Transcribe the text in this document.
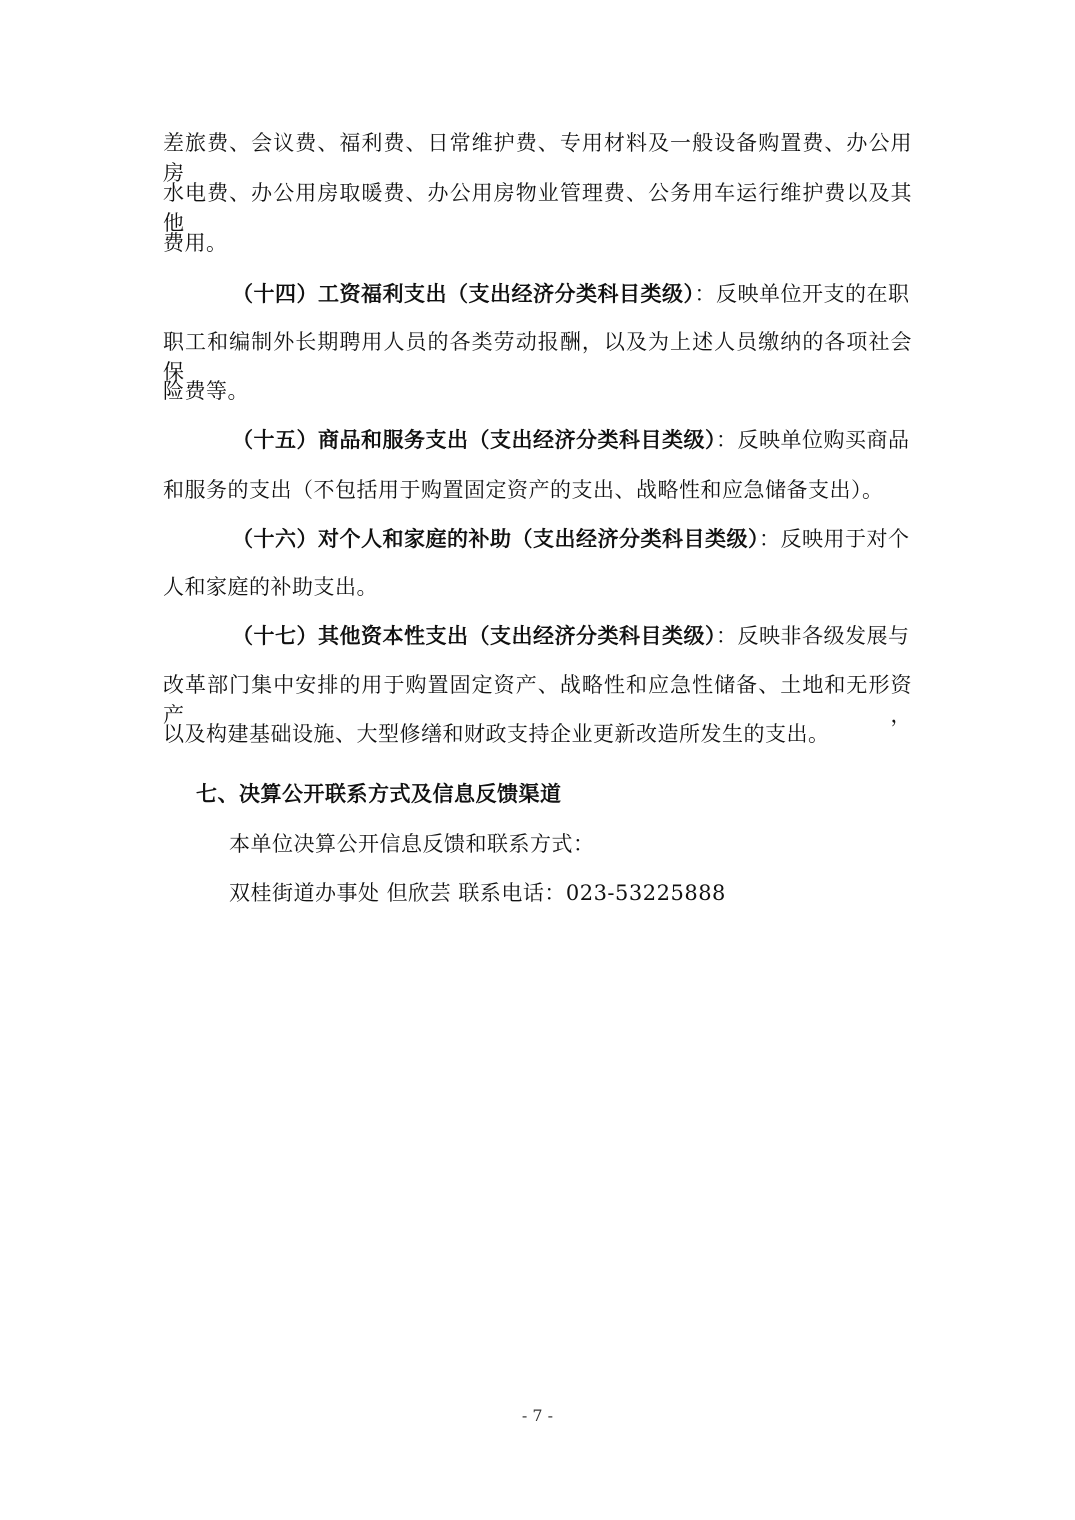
差旅费、会议费、福利费、日常维护费、专用材料及一般设备购置费、办公用房
水电费、办公用房取暖费、办公用房物业管理费、公务用车运行维护费以及其他
费用。
（十四）工资福利支出（支出经济分类科目类级）：反映单位开支的在职
职工和编制外长期聘用人员的各类劳动报酬，以及为上述人员缴纳的各项社会保
险费等。
（十五）商品和服务支出（支出经济分类科目类级）：反映单位购买商品
和服务的支出（不包括用于购置固定资产的支出、战略性和应急储备支出）。
（十六）对个人和家庭的补助（支出经济分类科目类级）：反映用于对个
人和家庭的补助支出。
（十七）其他资本性支出（支出经济分类科目类级）：反映非各级发展与
改革部门集中安排的用于购置固定资产、战略性和应急性储备、土地和无形资产，
以及构建基础设施、大型修缮和财政支持企业更新改造所发生的支出。
七、决算公开联系方式及信息反馈渠道
本单位决算公开信息反馈和联系方式：
双桂街道办事处 但欣芸 联系电话：023-53225888
- 7 -
